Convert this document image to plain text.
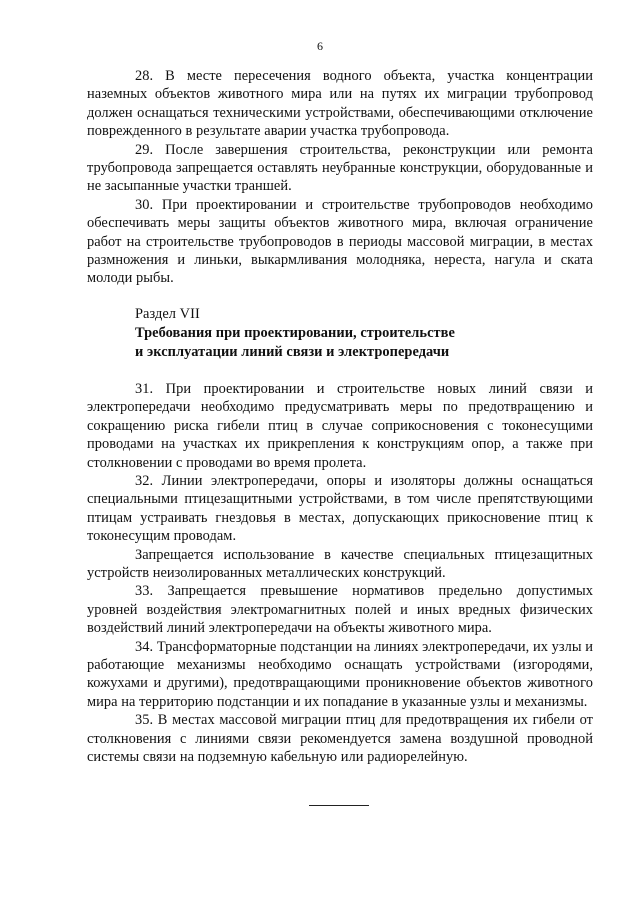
6

28. В месте пересечения водного объекта, участка концентрации наземных объектов животного мира или на путях их миграции трубопровод должен оснащаться техническими устройствами, обеспечивающими отключение поврежденного в результате аварии участка трубопровода.

29. После завершения строительства, реконструкции или ремонта трубопровода запрещается оставлять неубранные конструкции, оборудованные и не засыпанные участки траншей.

30. При проектировании и строительстве трубопроводов необходимо обеспечивать меры защиты объектов животного мира, включая ограничение работ на строительстве трубопроводов в периоды массовой миграции, в местах размножения и линьки, выкармливания молодняка, нереста, нагула и ската молоди рыбы.

Раздел VII

Требования при проектировании, строительстве
и эксплуатации линий связи и электропередачи

31. При проектировании и строительстве новых линий связи и электропередачи необходимо предусматривать меры по предотвращению и сокращению риска гибели птиц в случае соприкосновения с токонесущими проводами на участках их прикрепления к конструкциям опор, а также при столкновении с проводами во время пролета.

32. Линии электропередачи, опоры и изоляторы должны оснащаться специальными птицезащитными устройствами, в том числе препятствующими птицам устраивать гнездовья в местах, допускающих прикосновение птиц к токонесущим проводам.

Запрещается использование в качестве специальных птицезащитных устройств неизолированных металлических конструкций.

33. Запрещается превышение нормативов предельно допустимых уровней воздействия электромагнитных полей и иных вредных физических воздействий линий электропередачи на объекты животного мира.

34. Трансформаторные подстанции на линиях электропередачи, их узлы и работающие механизмы необходимо оснащать устройствами (изгородями, кожухами и другими), предотвращающими проникновение объектов животного мира на территорию подстанции и их попадание в указанные узлы и механизмы.

35. В местах массовой миграции птиц для предотвращения их гибели от столкновения с линиями связи рекомендуется замена воздушной проводной системы связи на подземную кабельную или радиорелейную.
